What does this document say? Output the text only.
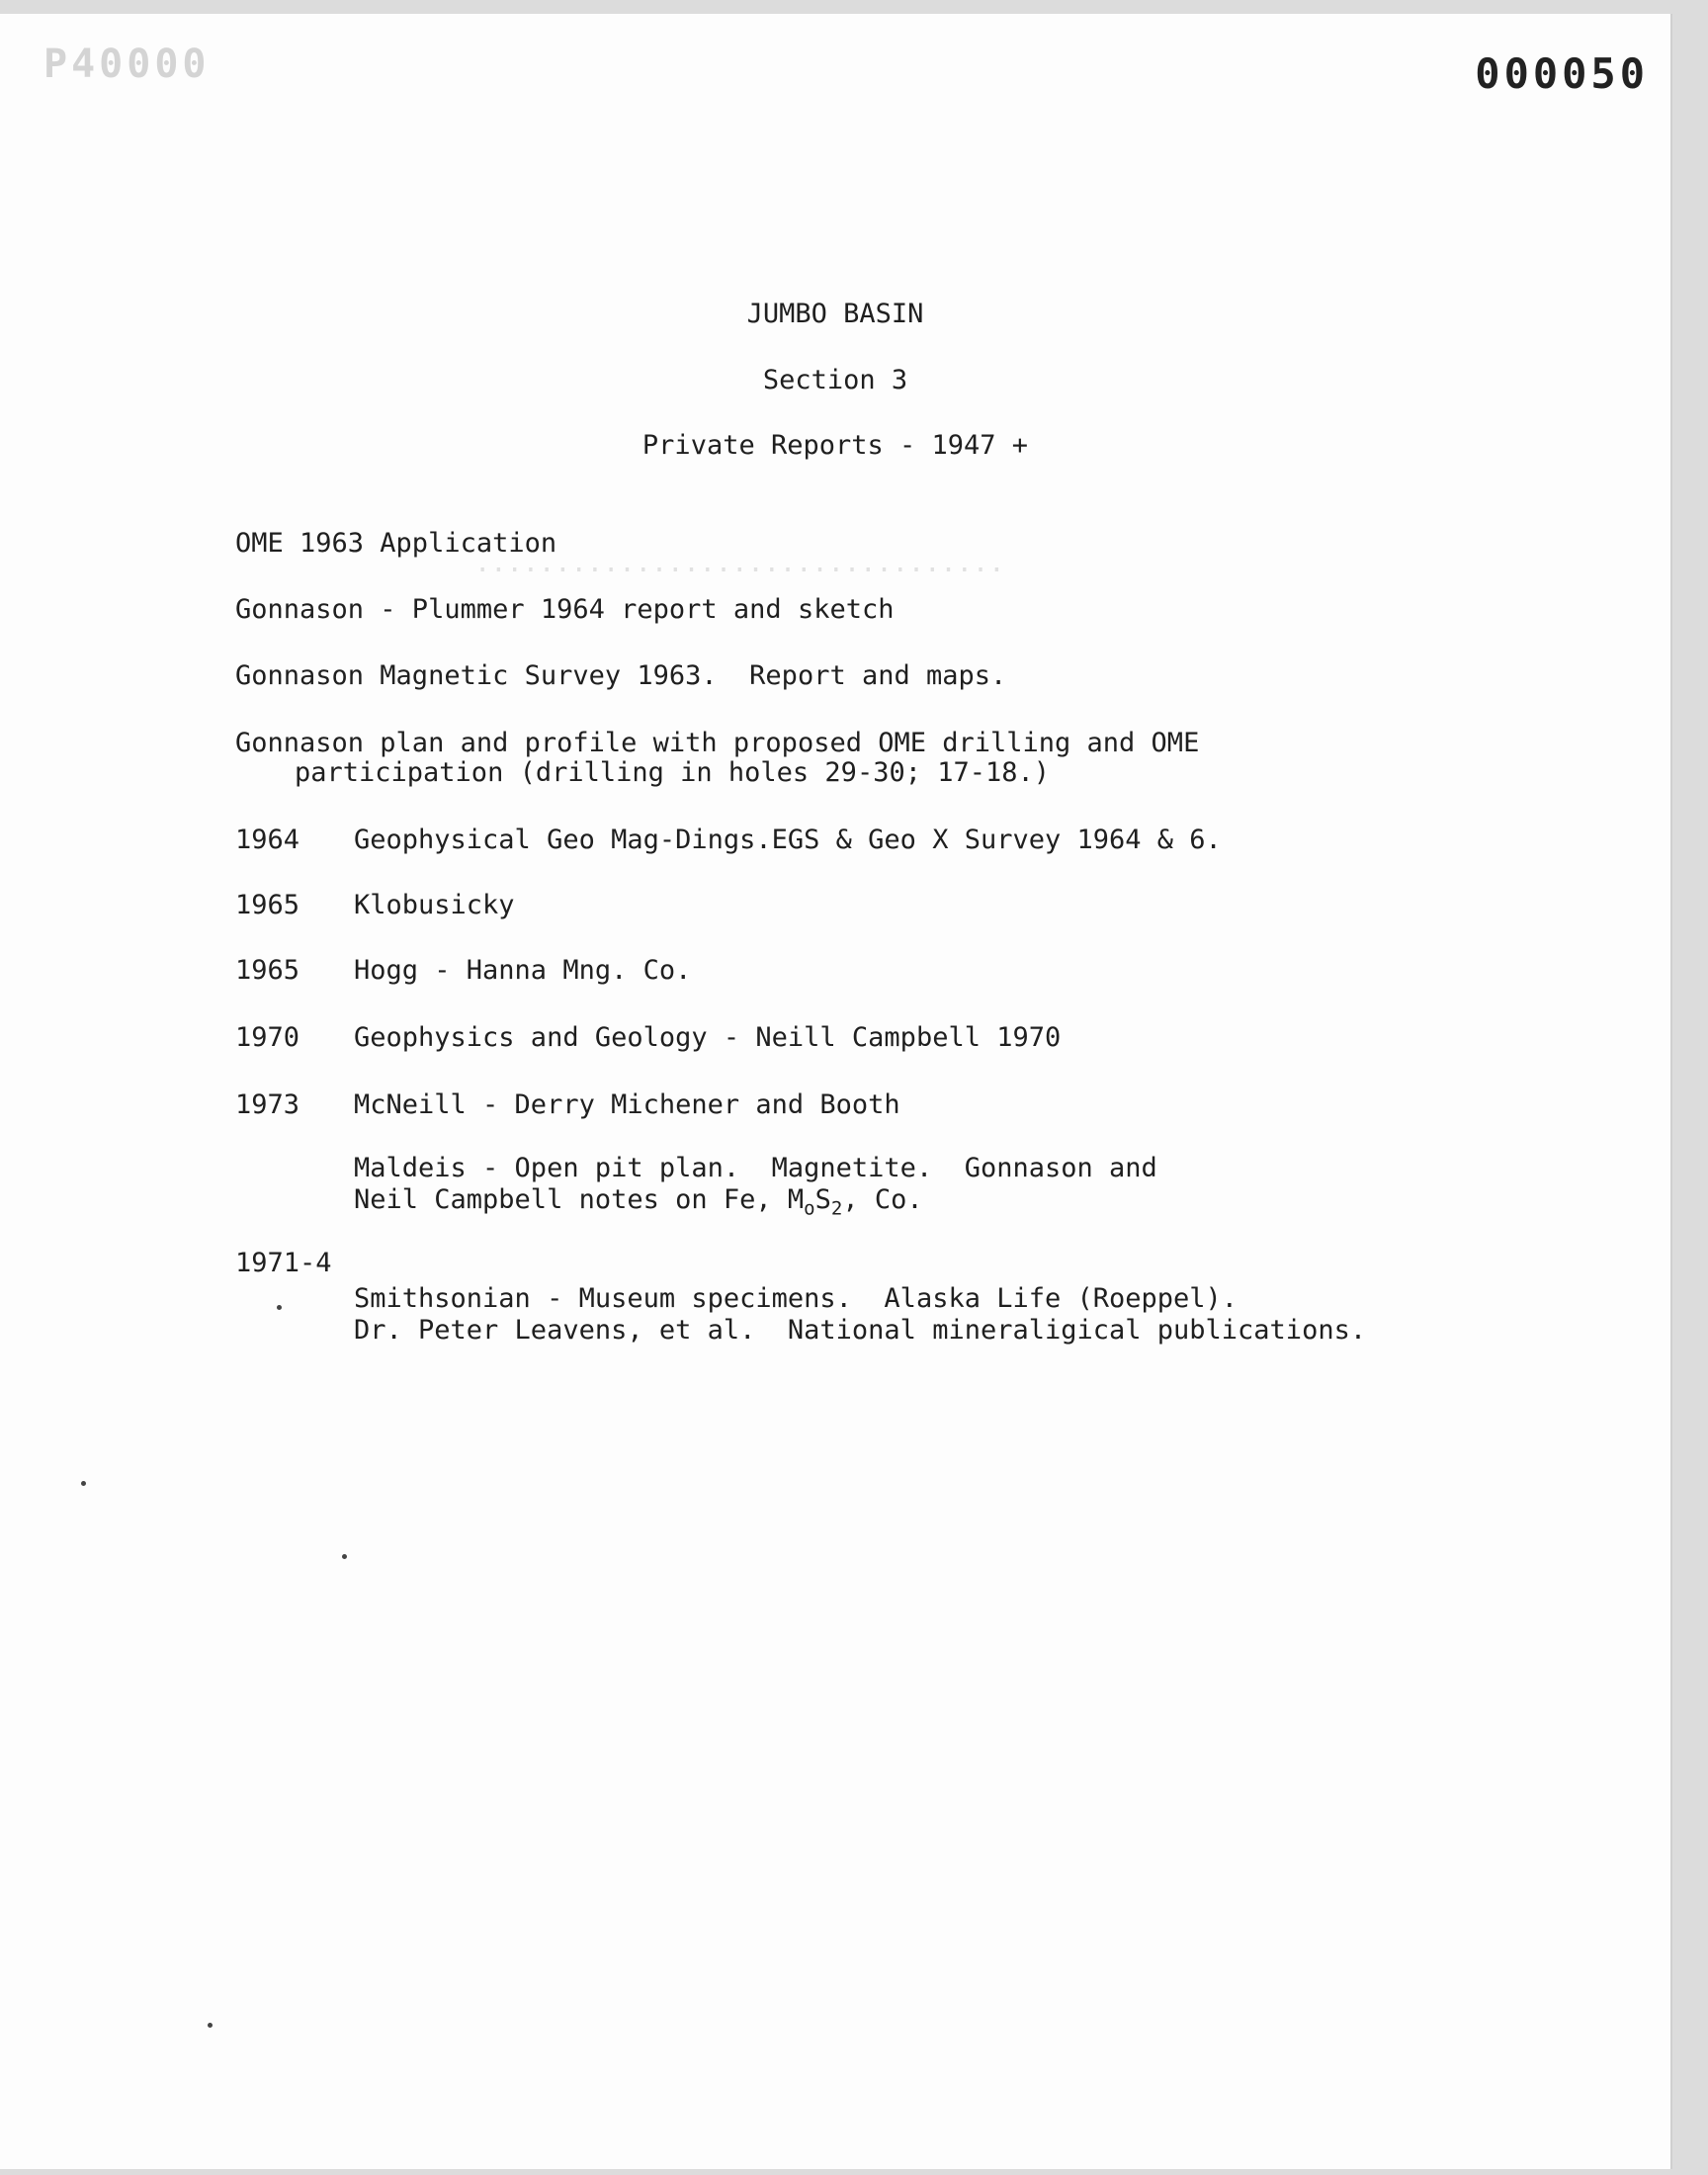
P40000	000050
.................................
JUMBO BASIN
Section 3
Private Reports - 1947 +
OME 1963 Application
Gonnason - Plummer 1964 report and sketch
Gonnason Magnetic Survey 1963.  Report and maps.
Gonnason plan and profile with proposed OME drilling and OME
participation (drilling in holes 29-30; 17-18.)
1964 Geophysical Geo Mag-Dings.EGS & Geo X Survey 1964 & 6.
1965 Klobusicky
1965 Hogg - Hanna Mng. Co.
1970 Geophysics and Geology - Neill Campbell 1970
1973 McNeill - Derry Michener and Booth
Maldeis - Open pit plan.  Magnetite.  Gonnason and
Neil Campbell notes on Fe, $M_oS_2$, Co.
1971-4
Smithsonian - Museum specimens.  Alaska Life (Roeppel).
Dr. Peter Leavens, et al.  National mineraligical publications.
